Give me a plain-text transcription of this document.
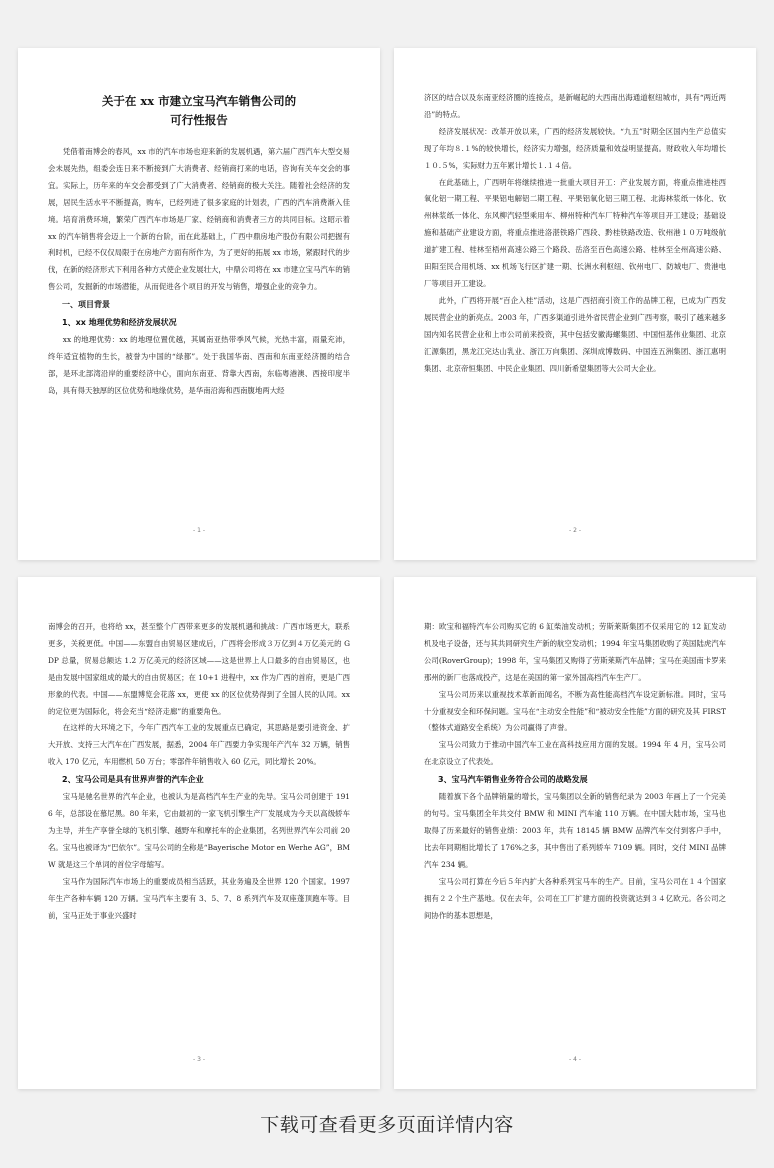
关于在 xx 市建立宝马汽车销售公司的
可行性报告

凭借着南博会的春风，xx 市的汽车市场也迎来新的发展机遇，第六届广西汽车大型交易会未展先热，组委会连日来不断接到广大消费者、经销商打来的电话，咨询有关车交会的事宜。实际上，历年来的车交会都受到了广大消费者、经销商的极大关注。随着社会经济的发展，居民生活水平不断提高，购车，已经列进了很多家庭的计划表，广西的汽车消费渐入佳境。培育消费环境，繁荣广西汽车市场是厂家、经销商和消费者三方的共同目标。这昭示着 xx 的汽车销售将会迈上一个新的台阶，而在此基础上，广西中鼎房地产股份有限公司把握有利时机，已经不仅仅局限于在房地产方面有所作为，为了更好的拓展 xx 市场，紧跟时代的步伐，在新的经济形式下利用各种方式使企业发展壮大，中鼎公司将在 xx 市建立宝马汽车的销售公司，发掘新的市场潜能，从而促进各个项目的开发与销售，增强企业的竞争力。

一、项目背景

1、xx 地理优势和经济发展状况

xx 的地理优势：xx 的地理位置优越，其属南亚热带季风气候，光热丰富，雨量充沛，终年适宜植物的生长，被誉为中国的“绿都”。处于我国华南、西南和东南亚经济圈的结合部，是环北部湾沿岸的重要经济中心，面向东南亚、背靠大西南，东临粤港澳、西接印度半岛，具有得天独厚的区位优势和地缘优势，是华南沿海和西南腹地两大经

- 1 -

济区的结合以及东南亚经济圈的连接点，是新崛起的大西南出海通道枢纽城市，具有“两近两沿”的特点。

经济发展状况：改革开放以来，广西的经济发展较快。“九五”时期全区国内生产总值实现了年均８.１%的较快增长，经济实力增强，经济质量和效益明显提高。财政收入年均增长１０.５%，实际财力五年累计增长１.１４倍。

在此基础上，广西明年将继续推进一批重大项目开工：产业发展方面，将重点推进桂西氧化铝一期工程、平果铝电解铝二期工程、平果铝氧化铝三期工程、北海林浆纸一体化、钦州林浆纸一体化、东风柳汽轻型乘用车、柳州特种汽车厂特种汽车等项目开工建设；基础设施和基础产业建设方面，将重点推进洛湛铁路广西段、黔桂铁路改造、钦州港１０万吨级航道扩建工程、桂林至梧州高速公路三个路段、岳洛至百色高速公路、桂林至全州高速公路、田阳至民合用机场、xx 机场飞行区扩建一期、长洲水利枢纽、钦州电厂、防城电厂、贵港电厂等项目开工建设。

此外，广西将开展“百企入桂”活动，这是广西招商引资工作的品牌工程，已成为广西发展民营企业的新亮点。2003 年，广西多渠道引进外省民营企业到广西考察，吸引了越来越多国内知名民营企业和上市公司前来投资，其中包括安徽海螺集团、中国恒基伟业集团、北京汇源集团，黑龙江完达山乳业、浙江万向集团、深圳成博数码、中国连五洲集团、浙江惠明集团、北京帝恒集团、中民企业集团、四川新希望集团等大公司大企业。

- 2 -

南博会的召开，也将给 xx，甚至整个广西带来更多的发展机遇和挑战：广西市场更大，联系更多，关税更低。中国——东盟自由贸易区建成后，广西将会形成３万亿到４万亿美元的 GDP 总量，贸易总额达 1.2 万亿美元的经济区域——这是世界上人口最多的自由贸易区，也是由发展中国家组成的最大的自由贸易区；在 10+1 进程中，xx 作为广西的首府，更是广西形象的代表。中国——东盟博览会花落 xx，更使 xx 的区位优势得到了全国人民的认同。xx 的定位更为国际化，将会充当“经济走廊”的重要角色。

在这样的大环境之下，今年广西汽车工业的发展重点已确定，其思路是要引进资金、扩大开放、支持三大汽车在广西发展，据悉，2004 年广西要力争实现年产汽车 32 万辆，销售收入 170 亿元，车用燃机 50 万台；零部件年销售收入 60 亿元，同比增长 20%。

2、宝马公司是具有世界声誉的汽车企业

宝马是驰名世界的汽车企业，也被认为是高档汽车生产业的先导。宝马公司创建于 1916 年，总部设在慕尼黑。80 年来，它由最初的一家飞机引擎生产厂发展成为今天以高级轿车为主导，并生产享誉全球的飞机引擎、越野车和摩托车的企业集团，名列世界汽车公司前 20 名。宝马也被译为“巴依尔”。宝马公司的全称是“Bayerische Motor en Werhe AG”，BMW 就是这三个单词的首位字母缩写。

宝马作为国际汽车市场上的重要成员相当活跃，其业务遍及全世界 120 个国家。1997 年生产各种车辆 120 万辆。宝马汽车主要有 3、5、7、8 系列汽车及双座蓬顶跑车等。目前，宝马正处于事业兴盛时

- 3 -

期：欧宝和福特汽车公司购买它的 6 缸柴油发动机；劳斯莱斯集团不仅采用它的 12 缸发动机及电子设备，还与其共同研究生产新的航空发动机；1994 年宝马集团收购了英国陆虎汽车公司(RoverGroup)；1998 年，宝马集团又购得了劳斯莱斯汽车品牌；宝马在美国南卡罗来那州的新厂也落成投产，这是在美国的第一家外国高档汽车生产厂。

宝马公司历来以重视技术革新而闻名，不断为高性能高档汽车设定新标准。同时，宝马十分重视安全和环保问题。宝马在“主动安全性能”和“被动安全性能”方面的研究及其 FIRST（整体式道路安全系统）为公司赢得了声誉。

宝马公司致力于推动中国汽车工业在高科技应用方面的发展。1994 年 4 月，宝马公司在北京设立了代表处。

3、宝马汽车销售业务符合公司的战略发展

随着旗下各个品牌销量的增长，宝马集团以全新的销售纪录为 2003 年画上了一个完美的句号。宝马集团全年共交付 BMW 和 MINI 汽车逾 110 万辆。在中国大陆市场，宝马也取得了历来最好的销售业绩：2003 年，共有 18145 辆 BMW 品牌汽车交付到客户手中，比去年同期相比增长了 176%之多，其中售出了系列轿车 7109 辆。同时，交付 MINI 品牌汽车 234 辆。

宝马公司打算在今后５年内扩大各种系列宝马车的生产。目前，宝马公司在１４个国家拥有２２个生产基地。仅在去年，公司在工厂扩建方面的投资就达到３４亿欧元。各公司之间协作的基本思想是，

- 4 -
下载可查看更多页面详情内容
